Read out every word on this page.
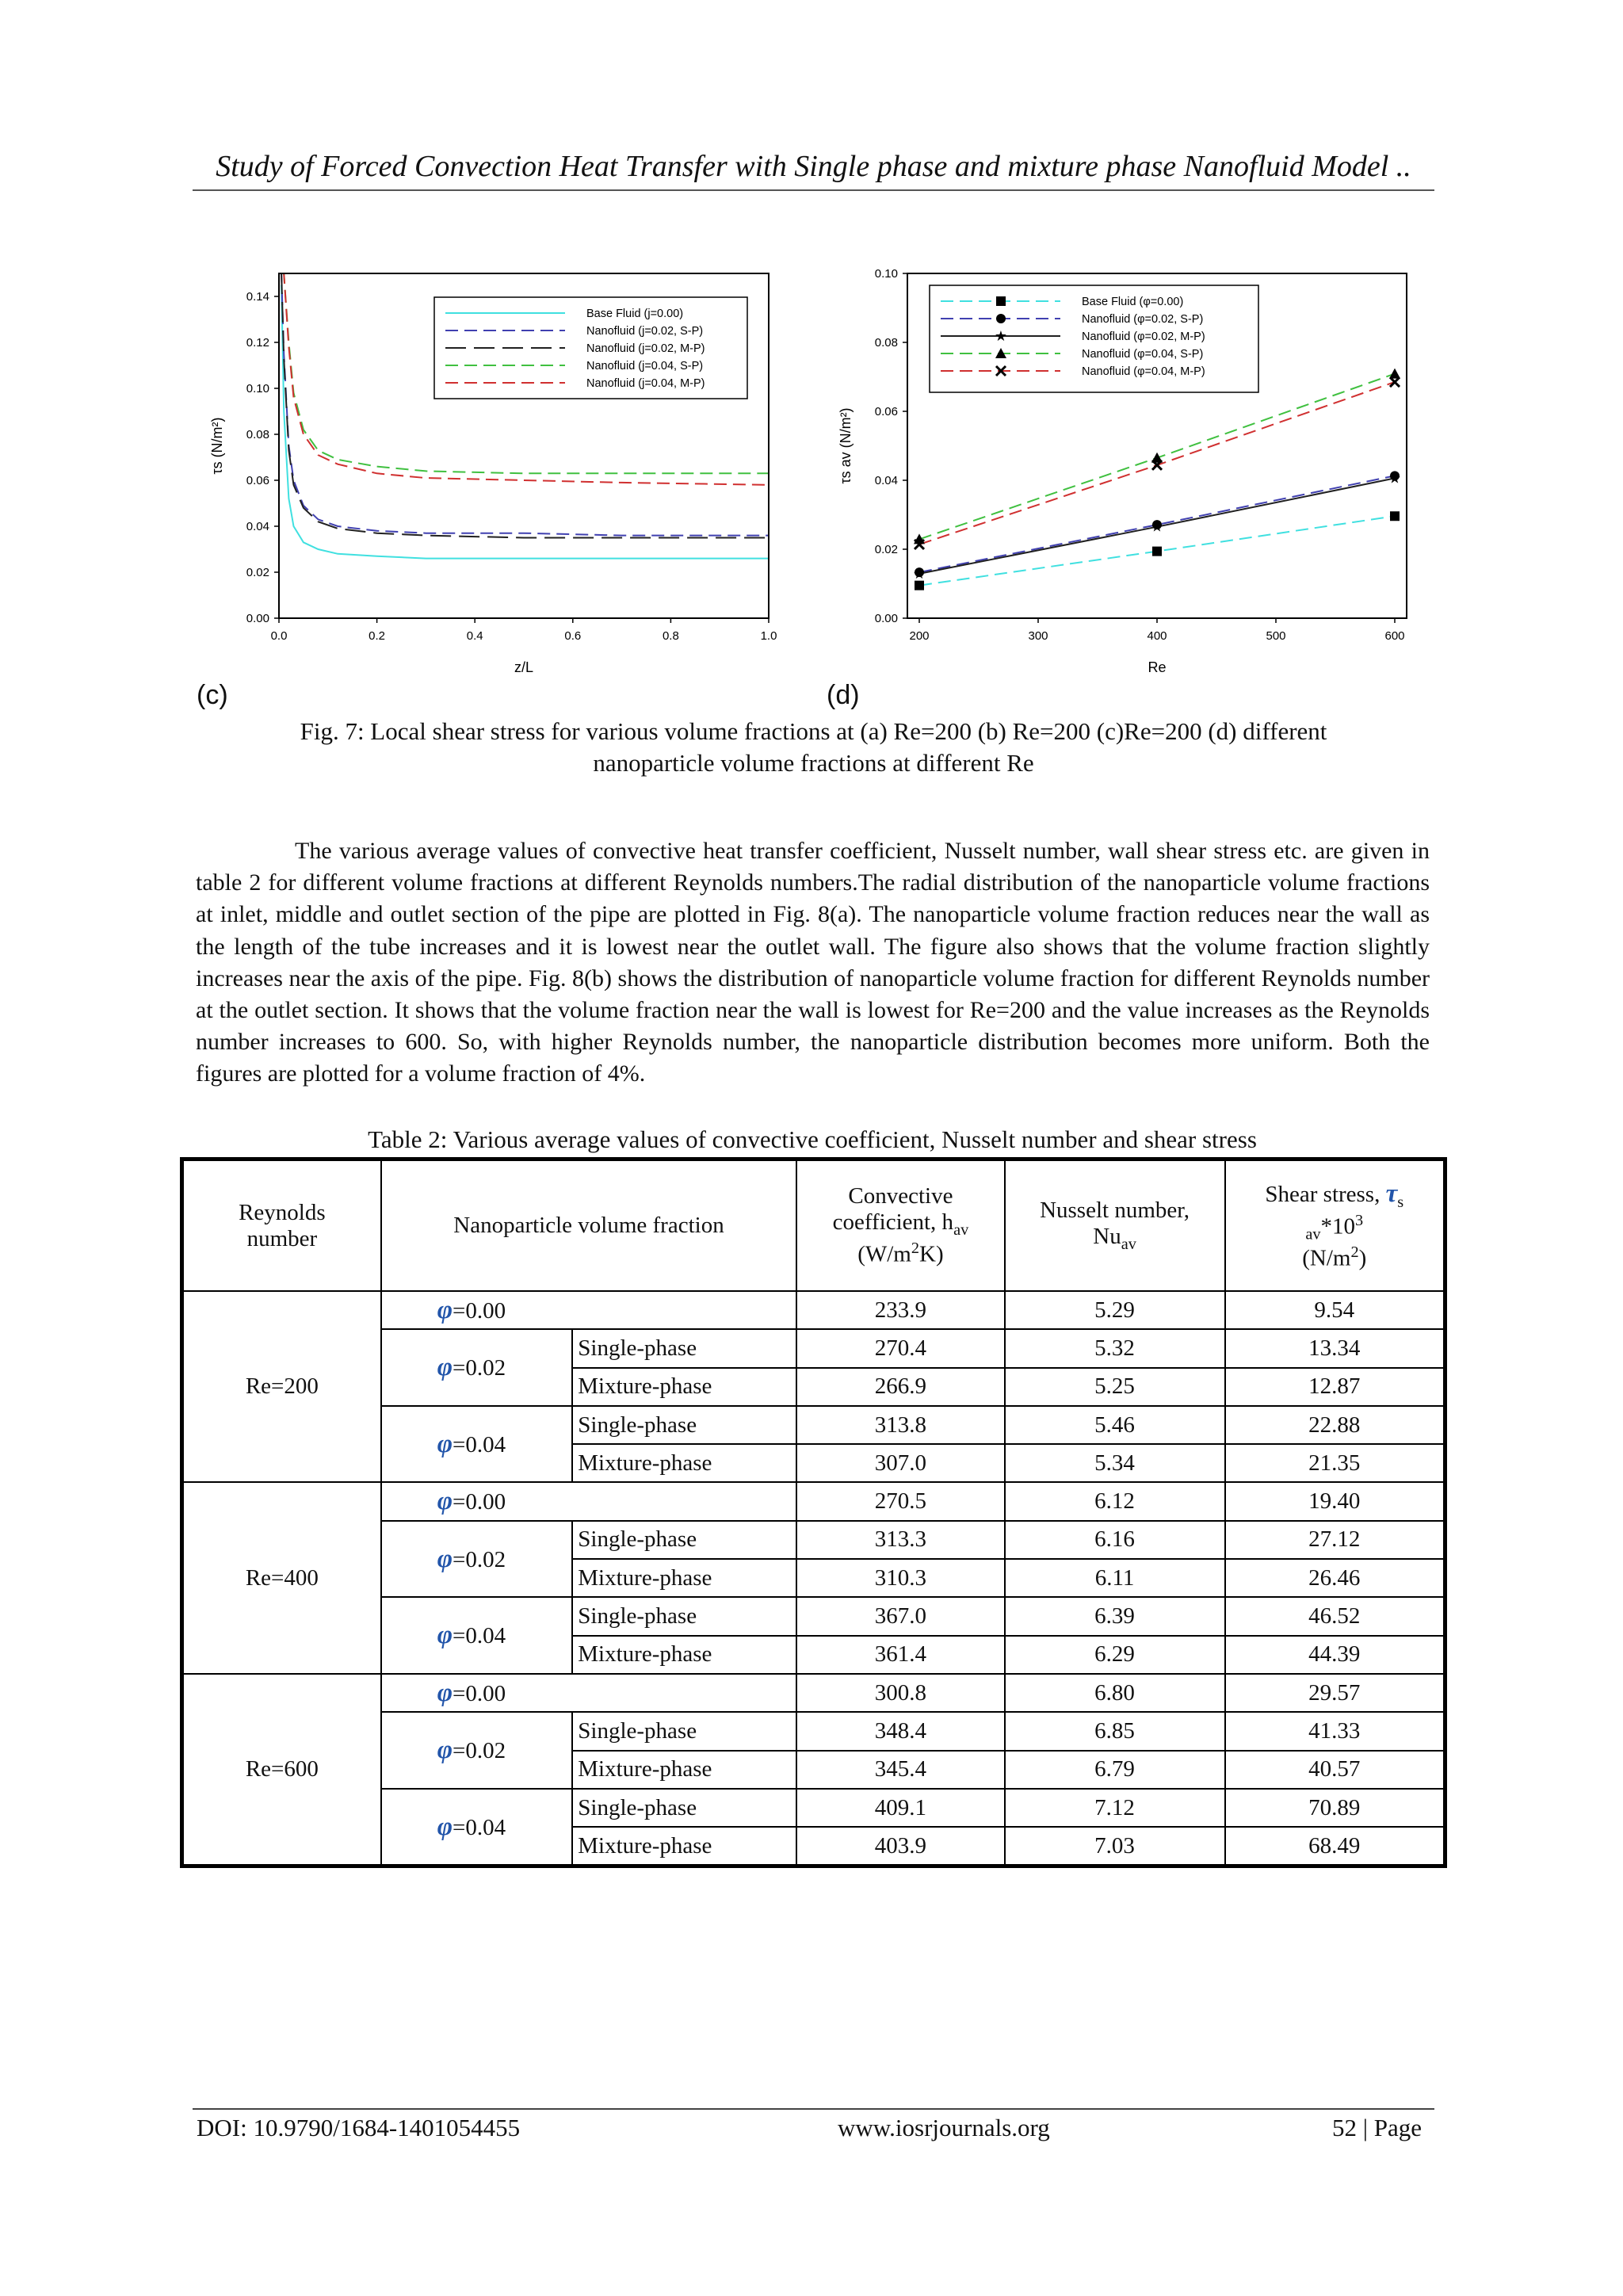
Study of Forced Convection Heat Transfer with Single phase and mixture phase Nanofluid Model ..
0.0	0.2	0.4	0.6	0.8	1.0
0.00
0.02
0.04
0.06
0.08
0.10
0.12
0.14
z/L
τs (N/m²)
Base Fluid (j=0.00)
Nanofluid (j=0.02, S-P)
Nanofluid (j=0.02, M-P)
Nanofluid (j=0.04, S-P)
Nanofluid (j=0.04, M-P)
200	300	400	500	600
0.00
0.02
0.04
0.06
0.08
0.10
Re
τs av (N/m²)
★
★
★
Base Fluid (φ=0.00)
Nanofluid (φ=0.02, S-P)
★	Nanofluid (φ=0.02, M-P)
Nanofluid (φ=0.04, S-P)
Nanofluid (φ=0.04, M-P)
(c)	(d)
Fig. 7: Local shear stress for various volume fractions at (a) Re=200 (b) Re=200 (c)Re=200 (d) different
nanoparticle volume fractions at different Re

The various average values of convective heat transfer coefficient, Nusselt number, wall shear stress etc. are given in table 2 for different volume fractions at different Reynolds numbers.The radial distribution of the nanoparticle volume fractions at inlet, middle and outlet section of the pipe are plotted in Fig. 8(a). The nanoparticle volume fraction reduces near the wall as the length of the tube increases and it is lowest near the outlet wall. The figure also shows that the volume fraction slightly increases near the axis of the pipe. Fig. 8(b) shows the distribution of nanoparticle volume fraction for different Reynolds number at the outlet section. It shows that the volume fraction near the wall is lowest for Re=200 and the value increases as the Reynolds number increases to 600. So, with higher Reynolds number, the nanoparticle distribution becomes more uniform. Both the figures are plotted for a volume fraction of 4%.

Table 2: Various average values of convective coefficient, Nusselt number and shear stress
Reynolds
number	Nanoparticle volume fraction		Convective
coefficient, $h_{av}$
$(W/m^2K)$	Nusselt number,
$Nu_{av}$	Shear stress, $\tau_s$
$_{av}*10^3$
$(N/m^2)$
Re=200	φ=0.00		233.9	5.29	9.54
	φ=0.02	Single-phase	270.4	5.32	13.34
		Mixture-phase	266.9	5.25	12.87
	φ=0.04	Single-phase	313.8	5.46	22.88
		Mixture-phase	307.0	5.34	21.35
Re=400	φ=0.00		270.5	6.12	19.40
	φ=0.02	Single-phase	313.3	6.16	27.12
		Mixture-phase	310.3	6.11	26.46
	φ=0.04	Single-phase	367.0	6.39	46.52
		Mixture-phase	361.4	6.29	44.39
Re=600	φ=0.00		300.8	6.80	29.57
	φ=0.02	Single-phase	348.4	6.85	41.33
		Mixture-phase	345.4	6.79	40.57
	φ=0.04	Single-phase	409.1	7.12	70.89
		Mixture-phase	403.9	7.03	68.49
DOI: 10.9790/1684-1401054455	www.iosrjournals.org	52 | Page
